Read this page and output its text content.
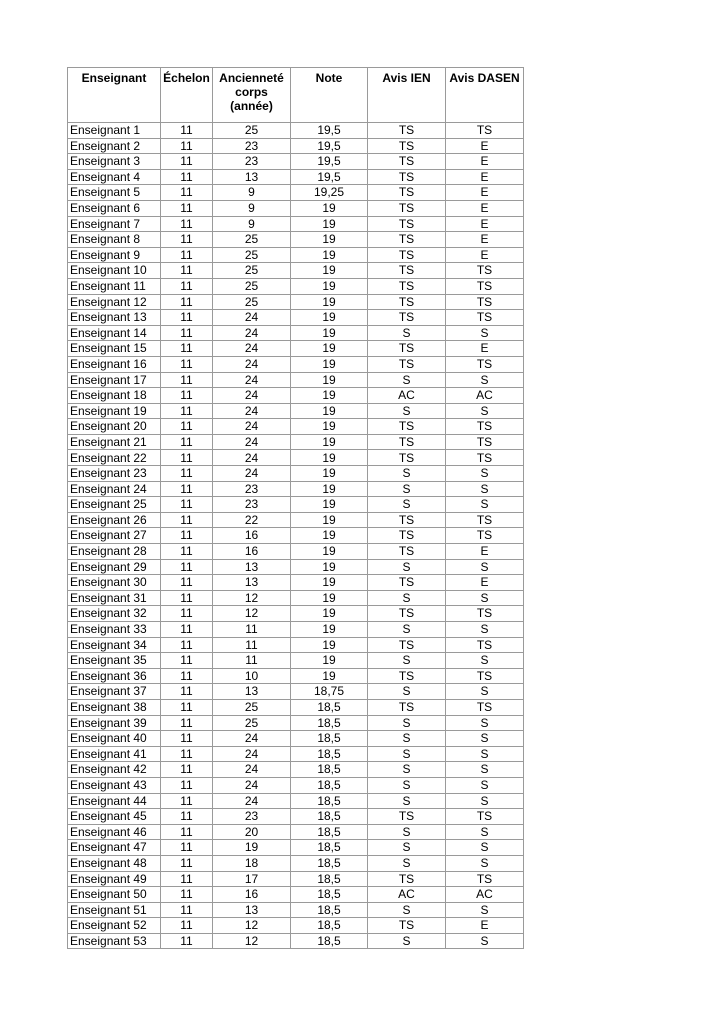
Enseignant	Échelon	Ancienneté corps (année)	Note	Avis IEN	Avis DASEN
Enseignant 1	11	25	19,5	TS	TS
Enseignant 2	11	23	19,5	TS	E
Enseignant 3	11	23	19,5	TS	E
Enseignant 4	11	13	19,5	TS	E
Enseignant 5	11	9	19,25	TS	E
Enseignant 6	11	9	19	TS	E
Enseignant 7	11	9	19	TS	E
Enseignant 8	11	25	19	TS	E
Enseignant 9	11	25	19	TS	E
Enseignant 10	11	25	19	TS	TS
Enseignant 11	11	25	19	TS	TS
Enseignant 12	11	25	19	TS	TS
Enseignant 13	11	24	19	TS	TS
Enseignant 14	11	24	19	S	S
Enseignant 15	11	24	19	TS	E
Enseignant 16	11	24	19	TS	TS
Enseignant 17	11	24	19	S	S
Enseignant 18	11	24	19	AC	AC
Enseignant 19	11	24	19	S	S
Enseignant 20	11	24	19	TS	TS
Enseignant 21	11	24	19	TS	TS
Enseignant 22	11	24	19	TS	TS
Enseignant 23	11	24	19	S	S
Enseignant 24	11	23	19	S	S
Enseignant 25	11	23	19	S	S
Enseignant 26	11	22	19	TS	TS
Enseignant 27	11	16	19	TS	TS
Enseignant 28	11	16	19	TS	E
Enseignant 29	11	13	19	S	S
Enseignant 30	11	13	19	TS	E
Enseignant 31	11	12	19	S	S
Enseignant 32	11	12	19	TS	TS
Enseignant 33	11	11	19	S	S
Enseignant 34	11	11	19	TS	TS
Enseignant 35	11	11	19	S	S
Enseignant 36	11	10	19	TS	TS
Enseignant 37	11	13	18,75	S	S
Enseignant 38	11	25	18,5	TS	TS
Enseignant 39	11	25	18,5	S	S
Enseignant 40	11	24	18,5	S	S
Enseignant 41	11	24	18,5	S	S
Enseignant 42	11	24	18,5	S	S
Enseignant 43	11	24	18,5	S	S
Enseignant 44	11	24	18,5	S	S
Enseignant 45	11	23	18,5	TS	TS
Enseignant 46	11	20	18,5	S	S
Enseignant 47	11	19	18,5	S	S
Enseignant 48	11	18	18,5	S	S
Enseignant 49	11	17	18,5	TS	TS
Enseignant 50	11	16	18,5	AC	AC
Enseignant 51	11	13	18,5	S	S
Enseignant 52	11	12	18,5	TS	E
Enseignant 53	11	12	18,5	S	S
